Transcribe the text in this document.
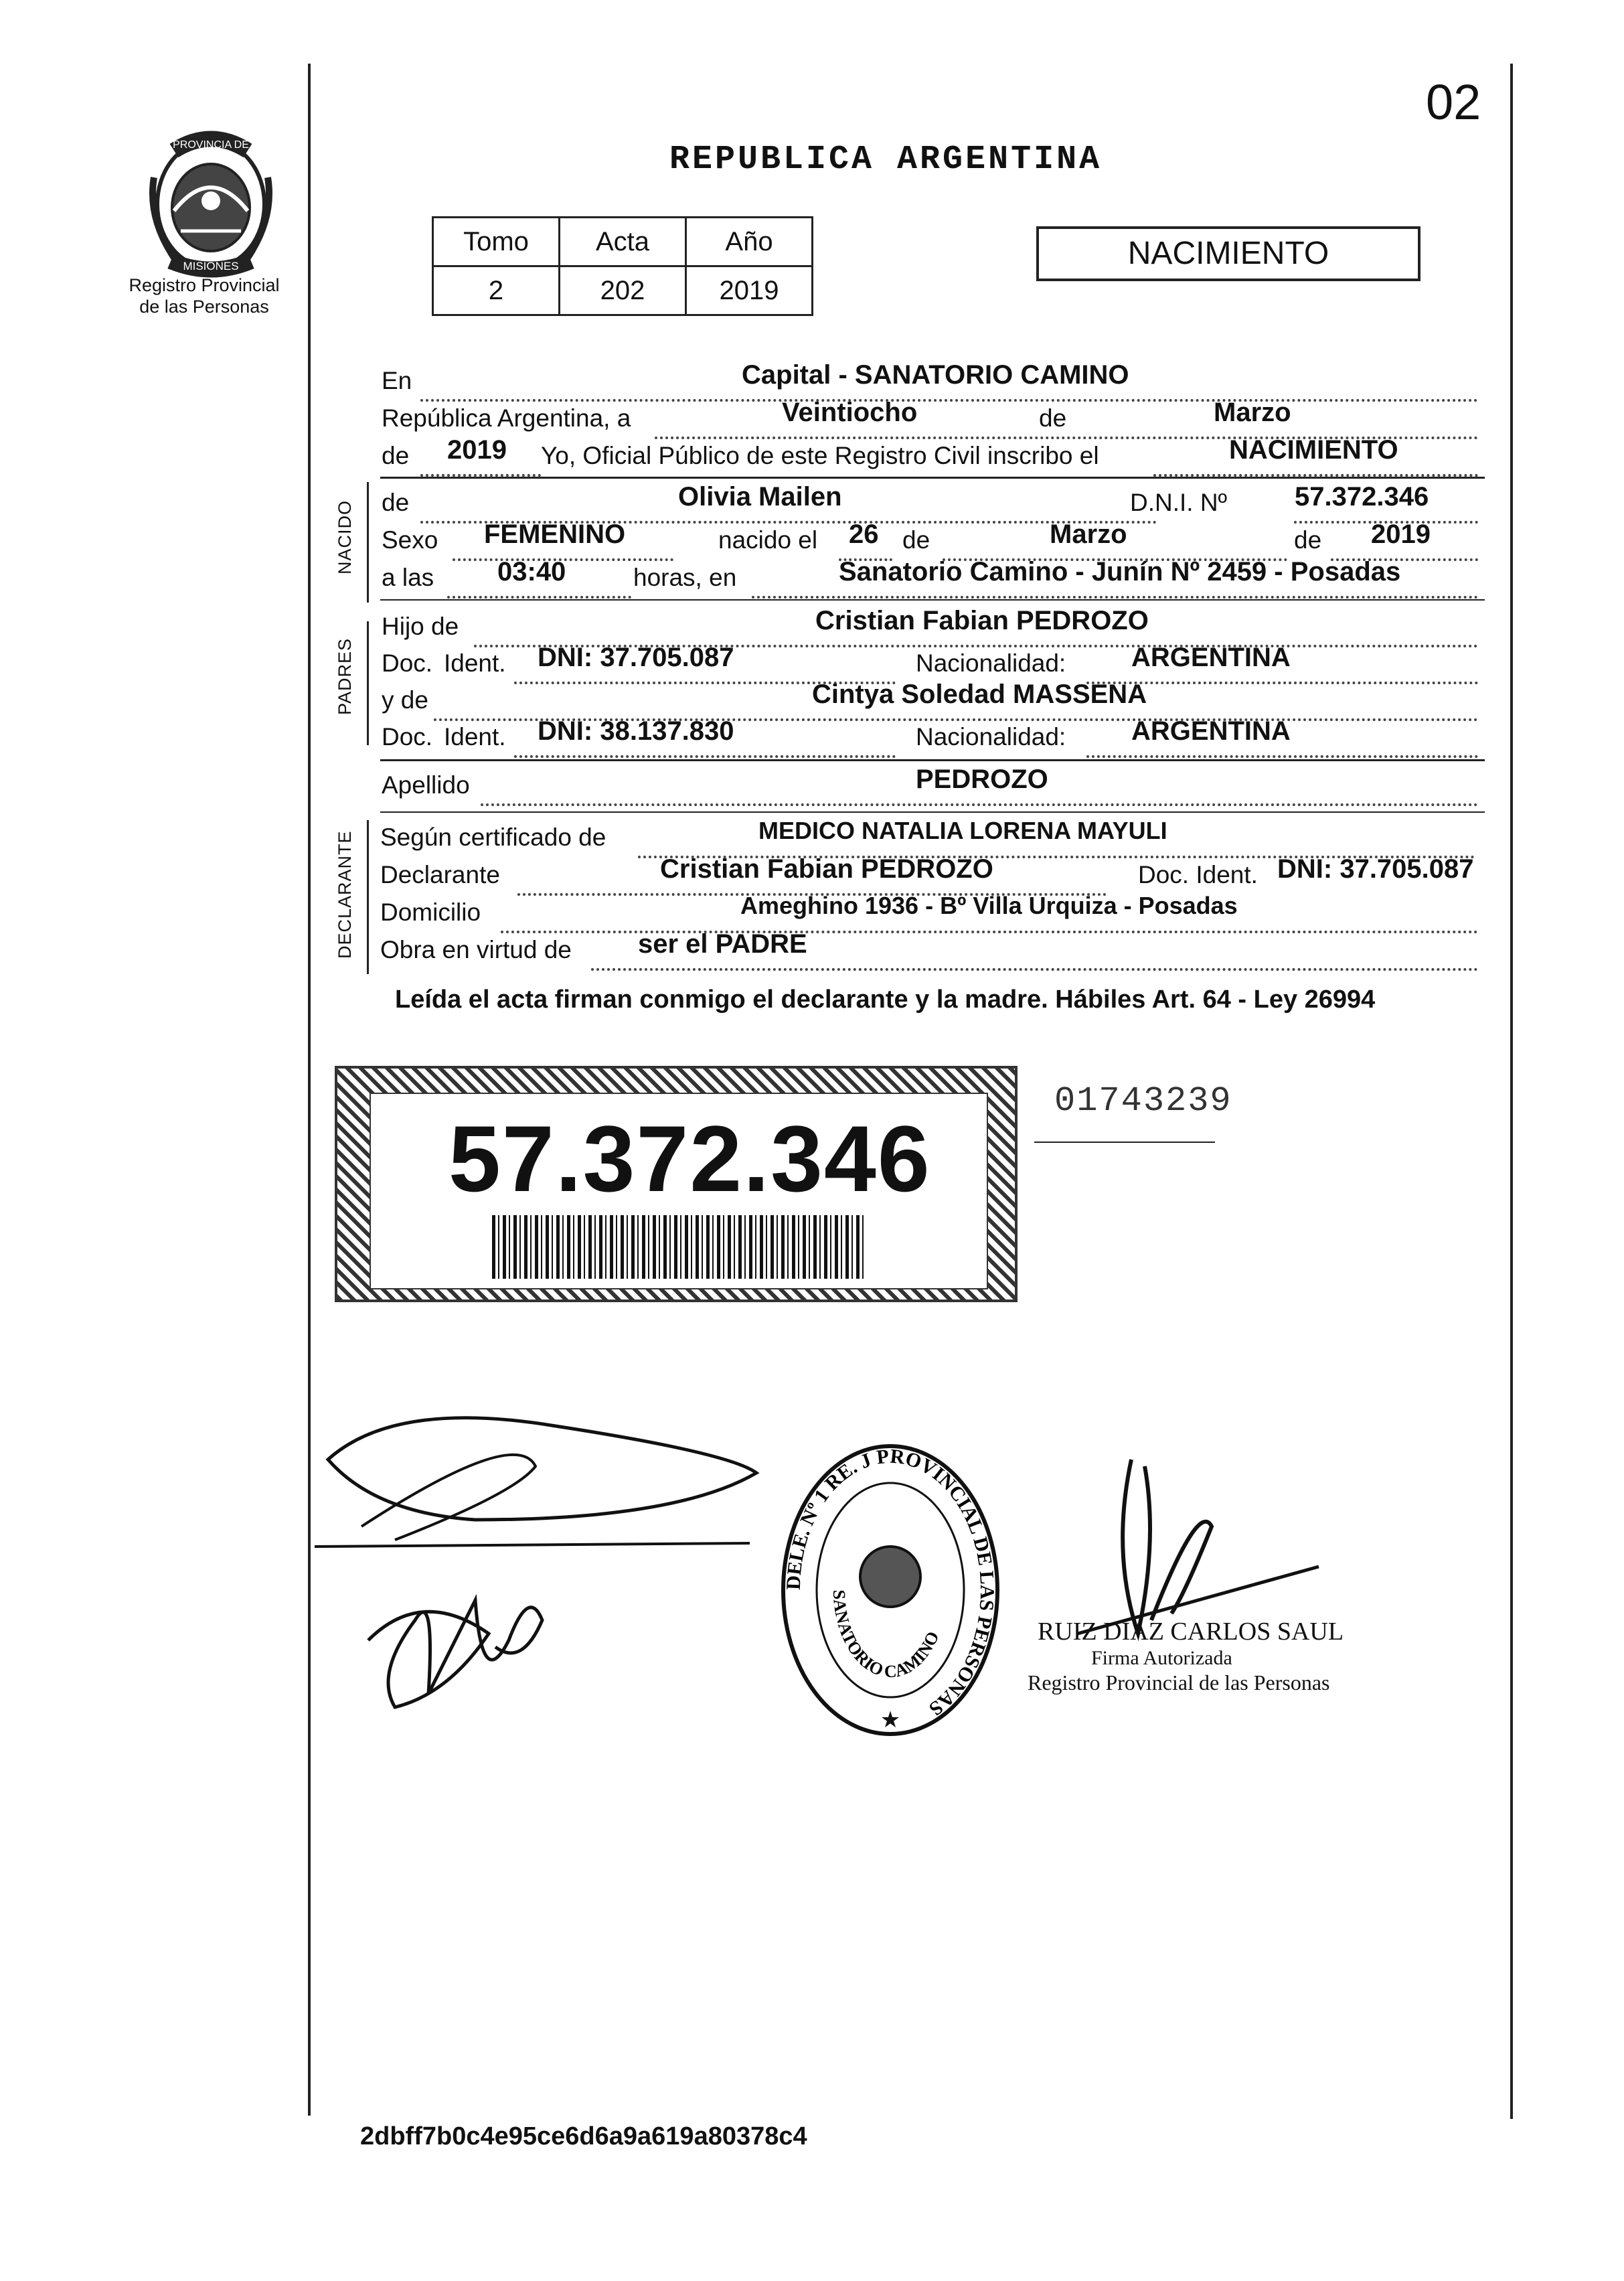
02
PROVINCIA DE
MISIONES
Registro Provincial
de las Personas
REPUBLICA ARGENTINA
Tomo	Acta	Año
2	202	2019
NACIMIENTO
NACIDO
PADRES
DECLARANTE
En	Capital - SANATORIO CAMINO
República Argentina, a	Veintiocho	de	Marzo
de 2019 Yo, Oficial Público de este Registro Civil inscribo el	NACIMIENTO
de	Olivia Mailen	D.N.I. Nº	57.372.346
Sexo FEMENINO	nacido el 26 de	Marzo	de 2019
a las 03:40	horas, en	Sanatorio Camino - Junín Nº 2459 - Posadas
Hijo de	Cristian Fabian PEDROZO
Doc. Ident. DNI: 37.705.087	Nacionalidad: ARGENTINA
y de	Cintya Soledad MASSENA
Doc. Ident. DNI: 38.137.830	Nacionalidad: ARGENTINA
Apellido	PEDROZO
Según certificado de	MEDICO NATALIA LORENA MAYULI
Declarante	Cristian Fabian PEDROZO	Doc. Ident. DNI: 37.705.087
Domicilio	Ameghino 1936 - Bº Villa Urquiza - Posadas
Obra en virtud de ser el PADRE
Leída el acta firman conmigo el declarante y la madre. Hábiles Art. 64 - Ley 26994
57.372.346
01743239
DELE. Nº 1 RE. J PROVINCIAL DE LAS PERSONAS
SANATORIO CAMINO
★
RUIZ DIAZ CARLOS SAUL
Firma Autorizada
Registro Provincial de las Personas
2dbff7b0c4e95ce6d6a9a619a80378c4
